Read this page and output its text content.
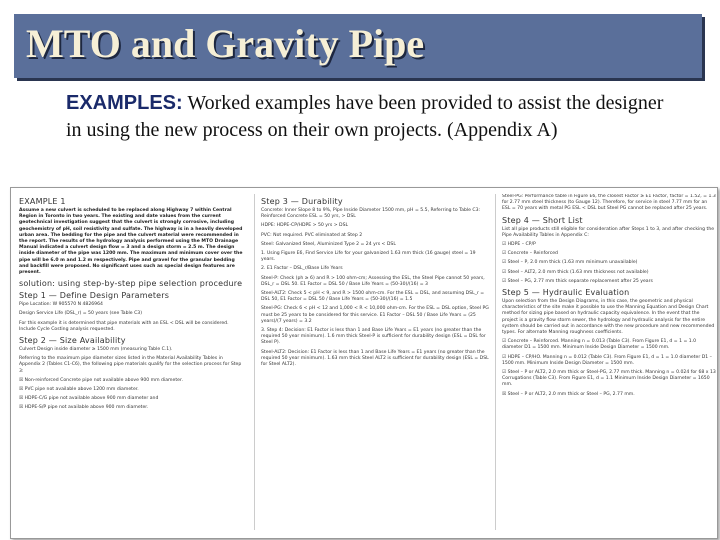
MTO and Gravity Pipe
EXAMPLES: Worked examples have been provided to assist the designer in using the new process on their own projects. (Appendix A)
EXAMPLE 1
Assume a new culvert is scheduled to be replaced along Highway 7 within Central Region in Toronto in two years. The existing and date values from the current geotechnical investigation suggest that the culvert is strongly corrosive, including geochemistry of pH, soil resistivity and sulfate. The highway is in a heavily developed urban area. The bedding for the pipe and the culvert material were recommended in the report. The results of the hydrology analysis performed using the MTO Drainage Manual indicated a culvert design flow = 3 and a design storm = 2.5 m. The design inside diameter of the pipe was 1200 mm. The maximum and minimum cover over the pipe will be 6.0 m and 1.2 m respectively. Pipe and gravel for the granular bedding and backfill were proposed. No significant uses such as special design features are present.
solution: using step-by-step pipe selection procedure
Step 1 — Define Design Parameters
Pipe Location: W 905570 N 4826964
Design Service Life (DSL_r) = 50 years (see Table C3)
For this example it is determined that pipe materials with an ESL < DSL will be considered. Include Cycle Costing analysis requested.
Step 2 — Size Availability
Culvert Design inside diameter ≥ 1500 mm (measuring Table C.1).
Referring to the maximum pipe diameter sizes listed in the Material Availability Tables in Appendix 2 (Tables C1-C6), the following pipe materials qualify for the selection process for Step 3:
☒ Non-reinforced Concrete pipe not available above 900 mm diameter.
☒ PVC pipe not available above 1200 mm diameter.
☒ HDPE-C/G pipe not available above 900 mm diameter and
☒ HDPE-S/P pipe not available above 900 mm diameter.
Step 3 — Durability
Concrete: Inner Slope 8 to 9%, Pipe Inside Diameter 1500 mm, pH = 5.5, Referring to Table C3: Reinforced Concrete ESL = 50 yrs, > DSL
HDPE: HDPE-CP/HDPE > 50 yrs > DSL
PVC: Not required. PVC eliminated at Step 2
Steel: Galvanized Steel, Aluminized Type 2 = 24 yrs < DSL
1. Using Figure E6, Find Service Life for your galvanized 1.63 mm thick (16 gauge) steel = 19 years.
2. E1 Factor – DSL_r/Base Life Years
Steel-P: Check (ph ≥ 6) and R > 100 ohm-cm; Assessing the ESL, the Steel Pipe cannot 50 years, DSL_r = DSL 50. E1 Factor = DSL 50 / Base Life Years = (50-30)/(16) = 3
Steel-ALT2: Check 5 < pH < 9, and R > 1500 ohm-cm. For the ESL = DSL, and assuming DSL_r = DSL 50, E1 Factor = DSL 50 / Base Life Years = (50-30)/(16) = 1.5
Steel-PG: Check 6 < pH < 12 and 1,000 < R < 10,000 ohm-cm. For the ESL = DSL option, Steel PG must be 25 years to be considered for this service. E1 Factor – DSL 50 / Base Life Years = (25 years)/(7 years) = 3.2
3. Step 4: Decision: E1 Factor is less than 1 and Base Life Years = E1 years (no greater than the required 50 year minimum). 1.6 mm thick Steel-P is sufficient for durability design (ESL = DSL for Steel P).
Steel-ALT2: Decision: E1 Factor is less than 1 and Base Life Years = E1 years (no greater than the required 50 year minimum). 1.63 mm thick Steel ALT2 is sufficient for durability design (ESL = DSL for Steel ALT2).
Steel-PG: Performance table in Figure E6, the closest Factor ≥ E1 Factor, factor = 1.52, = 1.3 for 2.77 mm steel thickness (to Gauge 12). Therefore, for service in steel 7.77 mm for an ESL = 70 years with metal PG ESL < DSL but Steel PG cannot be replaced after 25 years.
Step 4 — Short List
List all pipe products still eligible for consideration after Steps 1 to 3, and after checking the Pipe Availability Tables in Appendix C:
☑ HDPE – CP/P
☑ Concrete – Reinforced
☑ Steel – P, 2.0 mm thick (1.63 mm minimum unavailable)
☑ Steel – ALT2, 2.0 mm thick (1.63 mm thickness not available)
☑ Steel – PG, 2.77 mm thick separate replacement after 25 years
Step 5 — Hydraulic Evaluation
Upon selection from the Design Diagrams, in this case, the geometric and physical characteristics of the site make it possible to use the Manning Equation and Design Chart method for sizing pipe based on hydraulic capacity equivalence. In the event that the project is a gravity flow storm sewer, the hydrology and hydraulic analysis for the entire system should be carried out in accordance with the new procedure and new recommended types. For alternate Manning roughness coefficients.
☑ Concrete – Reinforced. Manning n = 0.013 (Table C3). From Figure E1, d = 1 = 1.0 diameter D1 = 1500 mm. Minimum Inside Design Diameter = 1500 mm.
☑ HDPE – CP/HO. Manning n = 0.012 (Table C3). From Figure E1, d = 1 = 1.0 diameter D1 – 1500 mm. Minimum Inside Design Diameter = 1500 mm.
☑ Steel – P or ALT2, 2.0 mm thick or Steel-PG, 2.77 mm thick. Manning n = 0.024 for 68 x 13 Corrugations (Table C3). From Figure E1, d = 1.1 Minimum Inside Design Diameter = 1650 mm.
☒ Steel – P or ALT2, 2.0 mm thick or Steel – PG, 2.77 mm.
